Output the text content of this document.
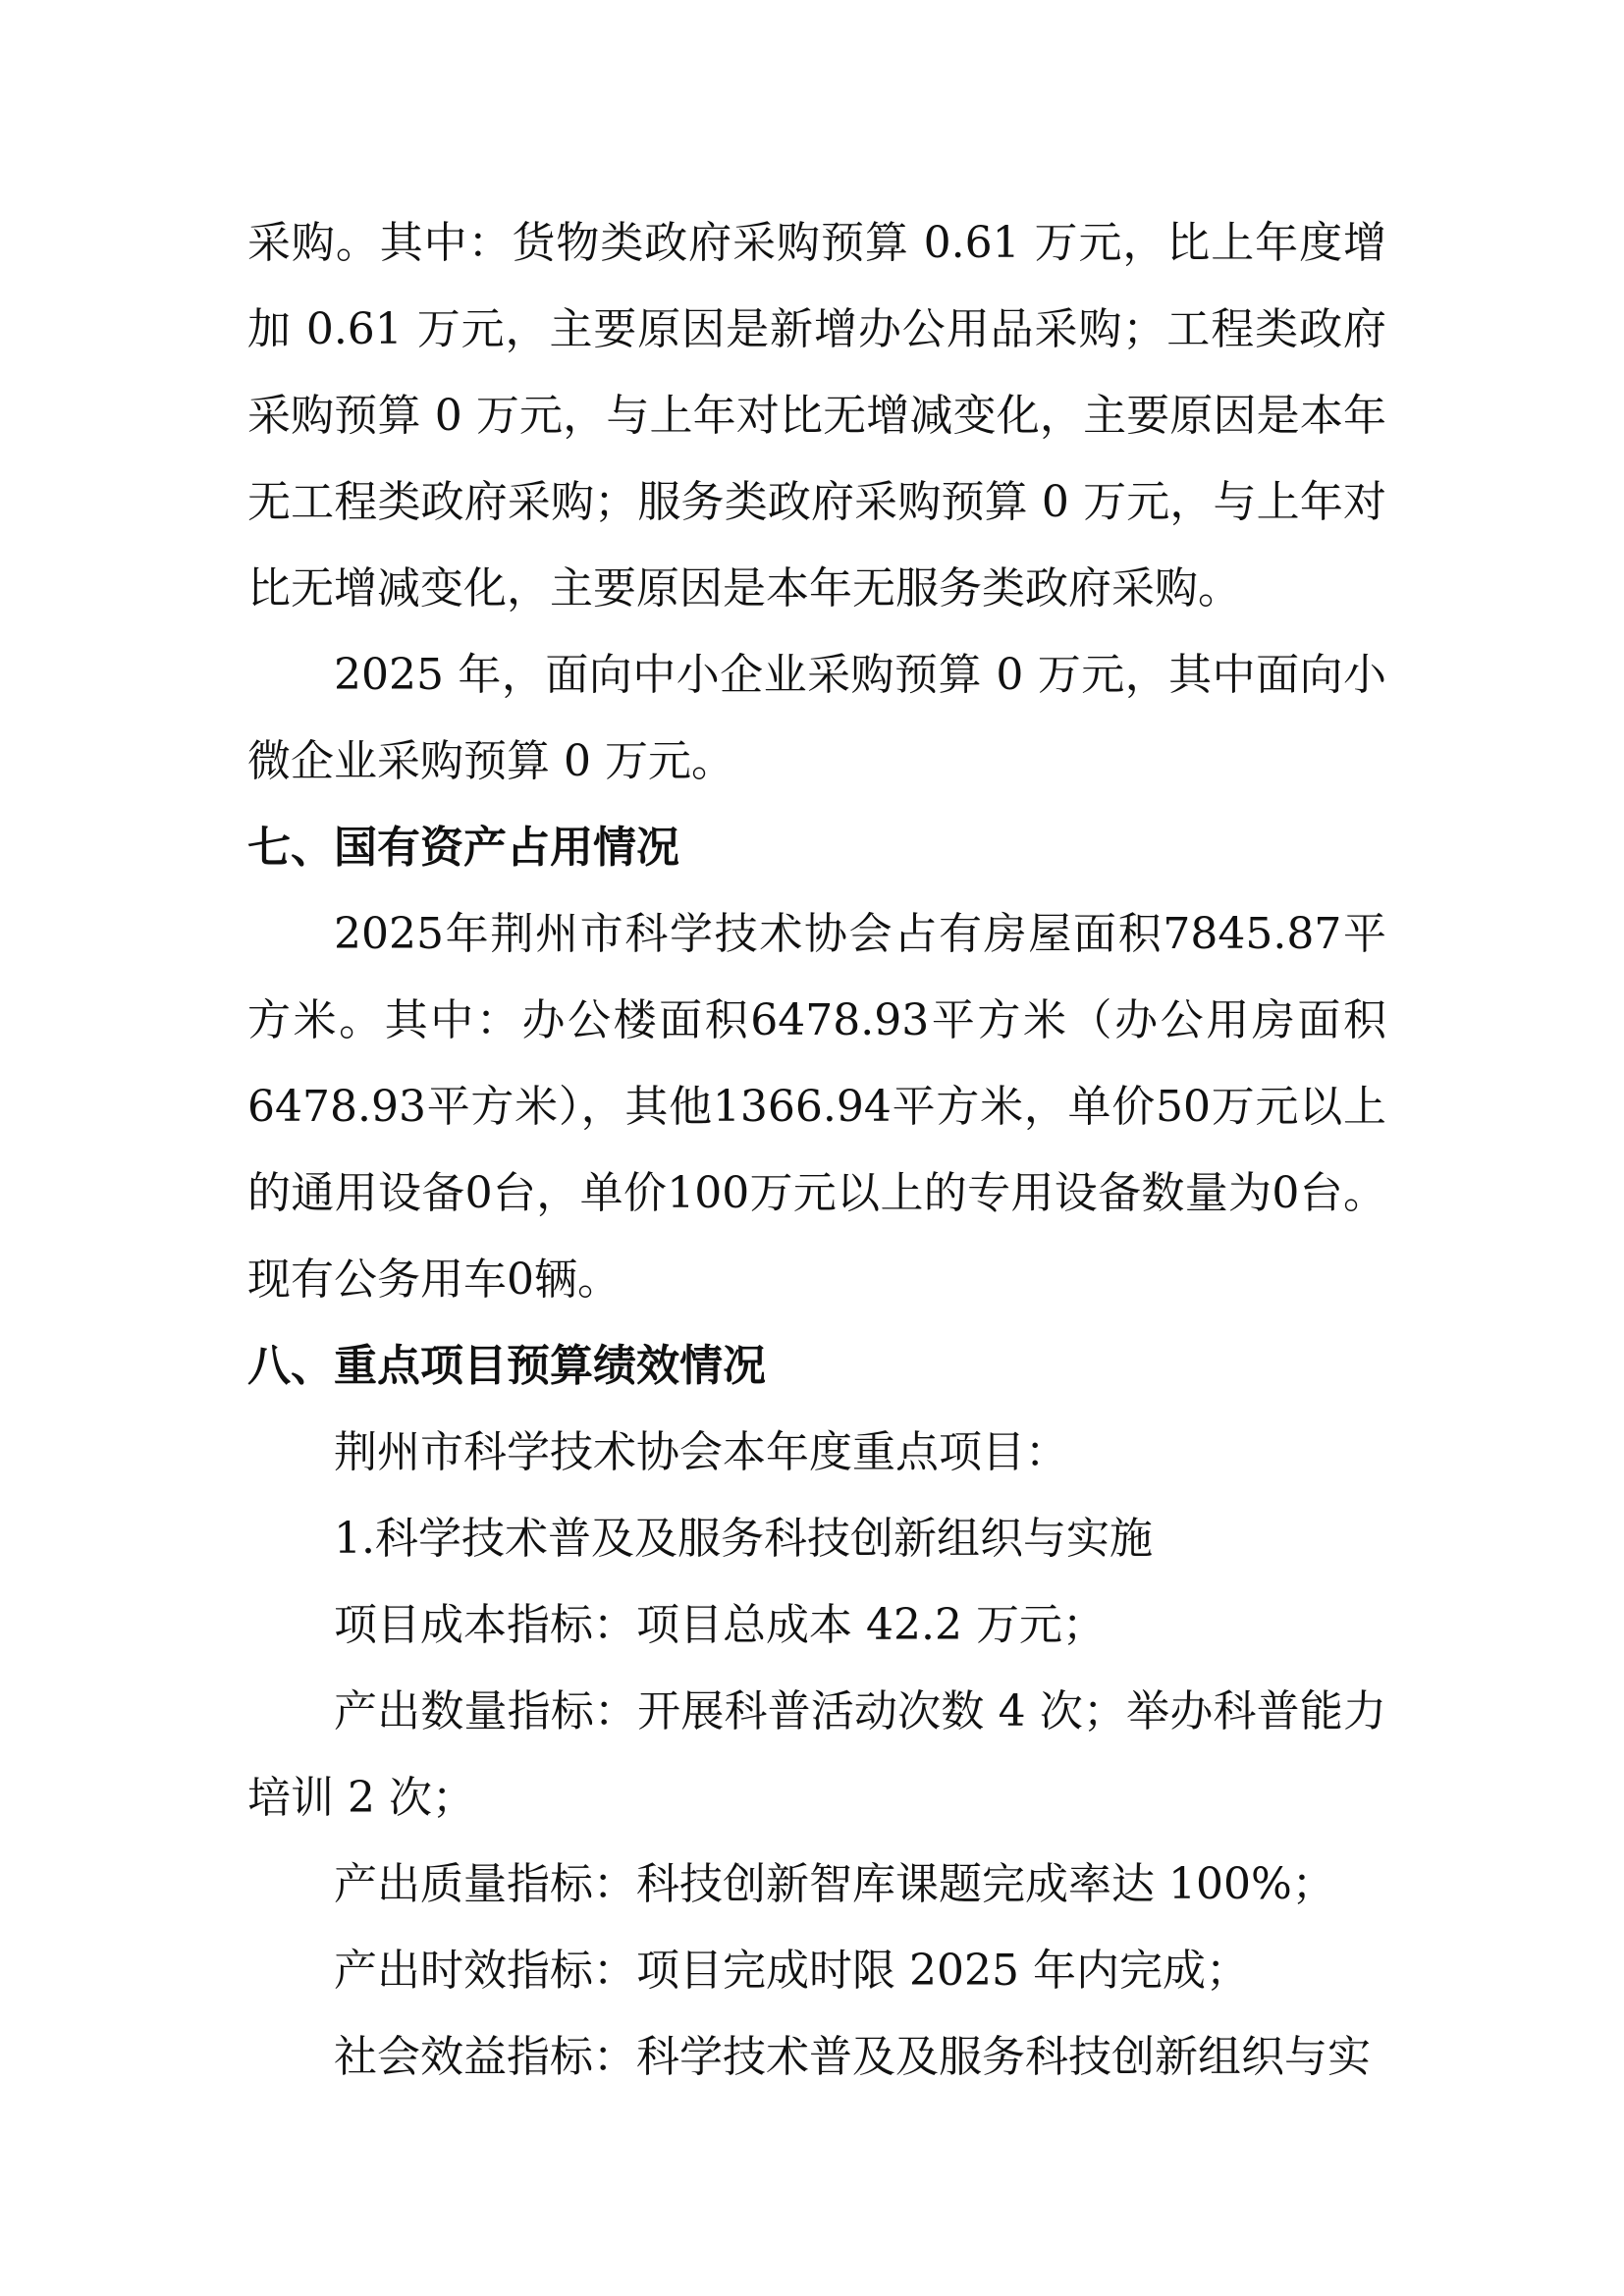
采购。其中：货物类政府采购预算 0.61 万元，比上年度增加 0.61 万元，主要原因是新增办公用品采购；工程类政府采购预算 0 万元，与上年对比无增减变化，主要原因是本年无工程类政府采购；服务类政府采购预算 0 万元，与上年对比无增减变化，主要原因是本年无服务类政府采购。

2025 年，面向中小企业采购预算 0 万元，其中面向小微企业采购预算 0 万元。

七、国有资产占用情况

2025年荆州市科学技术协会占有房屋面积7845.87平方米。其中：办公楼面积6478.93平方米（办公用房面积6478.93平方米），其他1366.94平方米，单价50万元以上的通用设备0台，单价100万元以上的专用设备数量为0台。现有公务用车0辆。

八、重点项目预算绩效情况

荆州市科学技术协会本年度重点项目：

1.科学技术普及及服务科技创新组织与实施

项目成本指标：项目总成本 42.2 万元；

产出数量指标：开展科普活动次数 4 次；举办科普能力培训 2 次；

产出质量指标：科技创新智库课题完成率达 100%；

产出时效指标：项目完成时限 2025 年内完成；

社会效益指标：科学技术普及及服务科技创新组织与实
